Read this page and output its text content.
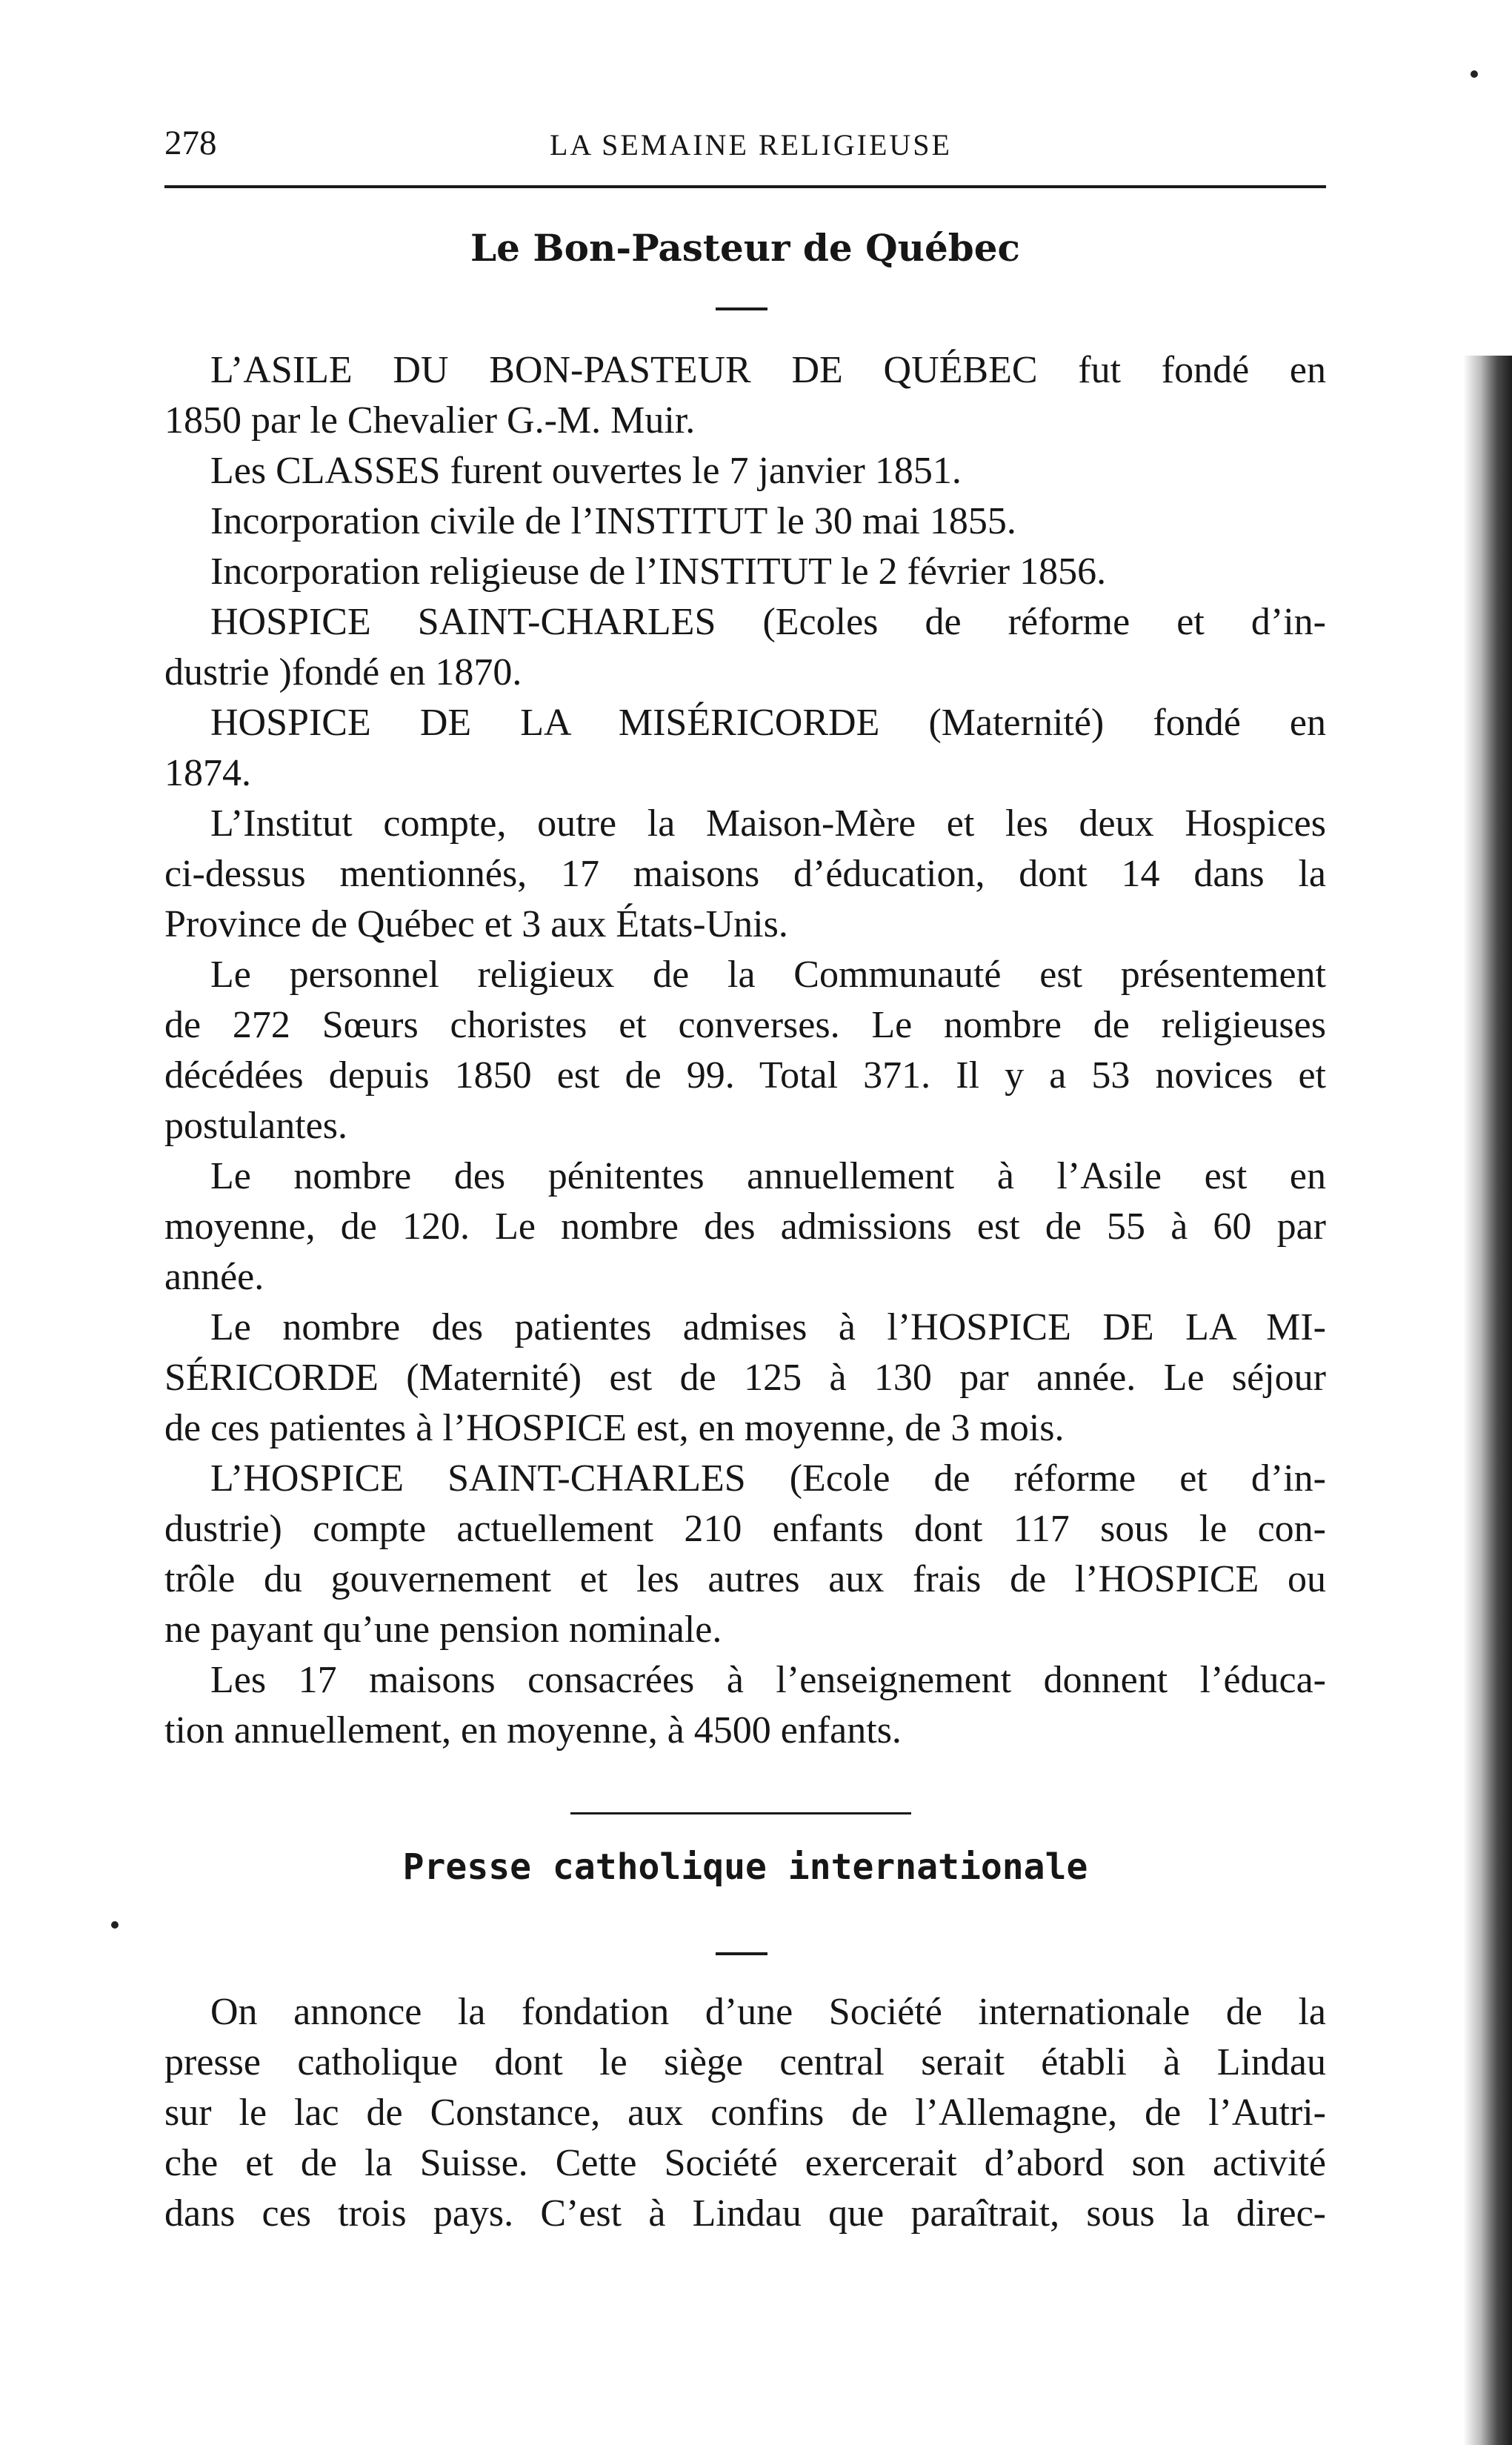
278	LA SEMAINE RELIGIEUSE
Le Bon-Pasteur de Québec
L’ASILE DU BON-PASTEUR DE QUÉBEC fut fondé en
1850 par le Chevalier G.-M. Muir.
Les CLASSES furent ouvertes le 7 janvier 1851.
Incorporation civile de l’INSTITUT le 30 mai 1855.
Incorporation religieuse de l’INSTITUT le 2 février 1856.
HOSPICE SAINT-CHARLES (Ecoles de réforme et d’in-
dustrie )fondé en 1870.
HOSPICE DE LA MISÉRICORDE (Maternité) fondé en
1874.
L’Institut compte, outre la Maison-Mère et les deux Hospices
ci-dessus mentionnés, 17 maisons d’éducation, dont 14 dans la
Province de Québec et 3 aux États-Unis.
Le personnel religieux de la Communauté est présentement
de 272 Sœurs choristes et converses. Le nombre de religieuses
décédées depuis 1850 est de 99. Total 371. Il y a 53 novices et
postulantes.
Le nombre des pénitentes annuellement à l’Asile est en
moyenne, de 120. Le nombre des admissions est de 55 à 60 par
année.
Le nombre des patientes admises à l’HOSPICE DE LA MI-
SÉRICORDE (Maternité) est de 125 à 130 par année. Le séjour
de ces patientes à l’HOSPICE est, en moyenne, de 3 mois.
L’HOSPICE SAINT-CHARLES (Ecole de réforme et d’in-
dustrie) compte actuellement 210 enfants dont 117 sous le con-
trôle du gouvernement et les autres aux frais de l’HOSPICE ou
ne payant qu’une pension nominale.
Les 17 maisons consacrées à l’enseignement donnent l’éduca-
tion annuellement, en moyenne, à 4500 enfants.
Presse catholique internationale
On annonce la fondation d’une Société internationale de la
presse catholique dont le siège central serait établi à Lindau
sur le lac de Constance, aux confins de l’Allemagne, de l’Autri-
che et de la Suisse. Cette Société exercerait d’abord son activité
dans ces trois pays. C’est à Lindau que paraîtrait, sous la direc-
